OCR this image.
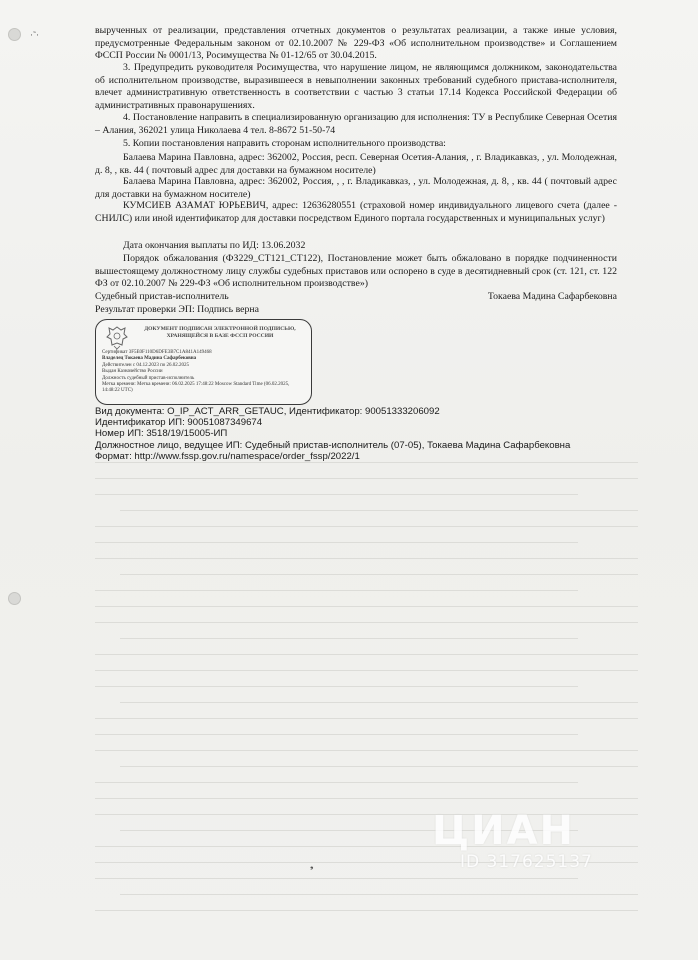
вырученных от реализации, представления отчетных документов о результатах реализации, а также иные условия, предусмотренные Федеральным законом от 02.10.2007 № 229-ФЗ «Об исполнительном производстве» и Соглашением ФССП России № 0001/13, Росимущества № 01-12/65 от 30.04.2015.
3. Предупредить руководителя Росимущества, что нарушение лицом, не являющимся должником, законодательства об исполнительном производстве, выразившееся в невыполнении законных требований судебного пристава-исполнителя, влечет административную ответственность в соответствии с частью 3 статьи 17.14 Кодекса Российской Федерации об административных правонарушениях.
4. Постановление направить в специализированную организацию для исполнения: ТУ в Республике Северная Осетия – Алания, 362021 улица Николаева 4 тел. 8-8672 51-50-74
5. Копии постановления направить сторонам исполнительного производства:
Балаева Марина Павловна, адрес: 362002, Россия, респ. Северная Осетия-Алания, , г. Владикавказ, , ул. Молодежная, д. 8, , кв. 44 ( почтовый адрес для доставки на бумажном носителе)
Балаева Марина Павловна, адрес: 362002, Россия, , , г. Владикавказ, , ул. Молодежная, д. 8, , кв. 44 ( почтовый адрес для доставки на бумажном носителе)
КУМСИЕВ АЗАМАТ ЮРЬЕВИЧ, адрес: 12636280551 (страховой номер индивидуального лицевого счета (далее - СНИЛС) или иной идентификатор для доставки посредством Единого портала государственных и муниципальных услуг)
Дата окончания выплаты по ИД: 13.06.2032
Порядок обжалования (ФЗ229_СТ121_СТ122), Постановление может быть обжаловано в порядке подчиненности вышестоящему должностному лицу службы судебных приставов или оспорено в суде в десятидневный срок (ст. 121, ст. 122 ФЗ от 02.10.2007 № 229-ФЗ «Об исполнительном производстве»)
Судебный пристав-исполнитель	Токаева Мадина Сафарбековна
Результат проверки ЭП: Подпись верна
ДОКУМЕНТ ПОДПИСАН ЭЛЕКТРОННОЙ ПОДПИСЬЮ, ХРАНЯЩЕЙСЯ В БАЗЕ ФССП РОССИИ
Сертификат 3F5E0F110D6DFE3B7C1A841A149468
Владелец Токаева Мадина Сафарбековна
Действителен с 04.12.2023 по 26.02.2025
Выдан Казначейство России
Должность судебный пристав-исполнитель
Метка времени: Метка времени: 06.02.2025 17:48:22 Moscow Standard Time (06.02.2025, 14:48:22 UTC)
Вид документа: O_IP_ACT_ARR_GETAUC, Идентификатор: 90051333206092
Идентификатор ИП: 90051087349674
Номер ИП: 3518/19/15005-ИП
Должностное лицо, ведущее ИП: Судебный пристав-исполнитель (07-05), Токаева Мадина Сафарбековна
Формат: http://www.fssp.gov.ru/namespace/order_fssp/2022/1
·˜·
❟
ЦИАН
ID 317625137
